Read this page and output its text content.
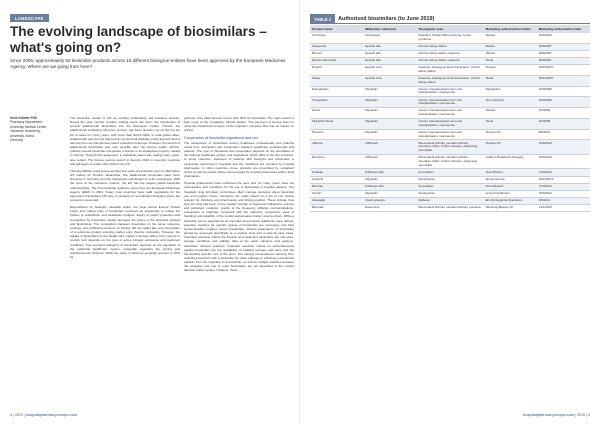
LANDSCAPE
The evolving landscape of biosimilars – what's going on?
Since 2006, approximately 60 biosimilar products across 15 different biological entities have been approved by the European Medicines Agency. Where are we going from here?
Irene Krämer PhD
Pharmacy Department,
University Medical Center,
Johannes Gutenberg-
University, Mainz,
Germany

The biosimilar market is still an exciting undertaking and business venture. During the past months, another striking event has been the introduction of several adalimumab biosimilars into the European market. Humira, the adalimumab containing reference product, has been number one on the top ten list of sales for many years, with more than $19.9 billion in total global sales. Adalimumab was the first fully human monoclonal antibody (mAb) licensed and is also the first one that will lose patent protection in Europe. However, the launch of adalimumab biosimilars was only possible after the license holder, AbbVie, granted several biosimilar companies a license to its intellectual property related to Humira. Through this agreement, a worldwide patent war, lasting many years, was settled. The license permits launch in Autumn 2018 in most EU countries and will begin no earlier than 2023 in the US.

Thereby AbbVie could secure another five years of exclusivity over its ≈$10 billion US market for Humira. Meanwhile, five adalimumab biosimilars have been launched in Germany and the therapeutic substitution is in the experience. With the price of the reference product, the EU has the largest global biosimilar understanding. The first biosimilar guidance came from the European Medicines Agency (EMA) in 2001. Today most countries have valid regulations for the approval of biosimilars (US only on products of recombinant biologics) where the concept is presented.

Expenditures for biologics, viewable online, are huge across Europe. Patent expiry and market entry of biosimilars represent an opportunity to relieve the burden of substitution and healthcare budgets. Expiry of patent protection and competition by biosimilars usually decrease the prices of the originator product and biosimilars. The competition between biosimilars of the same reference products puts additional pressure on pricing. We are called late entry biosimilars of a reference product entering market entry thereby exclusivity. However, the uptake of biosimilars by the health care market in Europe differs from country to country and depends on the type of active biologic substance and treatment conditions. The economic efficiency of biosimilars depends on the regulation of the individual healthcare system, especially regarding the pricing and reimbursement structure. While the value of discount generally account to 30% for

generics, they often amount to less than 30% for biosimilars. The main reason is high costs of the mandatory clinical studies. The payment of license fees for using the intellectual property of the originator company also has an impact on pricing.

Cooperation of biosimilar regulations and use

The acceptance of biosimilars among healthcare professionals and patients needs time. Interaction and cooperation between healthcare professionals and patients. The type of interaction and cooperation depends on the specialties of the national healthcare system and regulations, which differ in the EU countries. In some countries, treatment of patients with biologics and biosimilars is exclusively performed in hospitals and the medicines are provided by hospital pharmacies. In other countries, these products are prescribed by outpatient clinics as well as private offices and provided by hospital pharmacies and/or local pharmacies.

Hospital pharmacists have embraced the topic and, for many years, have set prerequisites and conditions for the use of biosimilars in hospital patients. The hospitals' drug formulary committees often manage decisions about biosimilar use and product choice. Decisions are made based on a list of con criteria relevant for clinicians and pharmacists and clinical practice. These include: how long the drug had been on the market; number of registered indications; science and published evidence; results of the frequency differing contraindications, precautions or warnings compared with the reference component; ease of handling; and reliability of the market authorisation holder, among others. While a biosimilar can be regarded as an important step forward, additional, more refined, selection matrices for specific groups of biosimilars are necessary and their implementation requires expert knowledge. Various parameters of biosimilars should be assessed specifically at a product level and a case-by-case basis. Important selection criteria for infusion and treatment biosimilars are vial sizes, storage conditions and stability data of the stock solutions and ready-to-administer infusion solutions. Important selection criteria for subcutaneously applied biosimilars are the availability of prefilled syringes and pens and the functionality and the size of the pens. The varying consequences deriving from switching treatment with a biosimilar for naïve patients or switching experienced patients from the originator to a biosimilar, as well as multiple switches between the originator and one or more biosimilars, are not described in the current decision matrix system. However, these

4 | 2019 | hospitalpharmacyeurope.com
TABLE 1	Authorised biosimilars (to June 2019)
Product name	INN/active substance	Therapeutic area	Marketing authorisation holder	Marketing authorisation date
Omnitrope	Somatropin	Dwarfism, Prader-Willi syndrome, Turner syndrome	Sandoz	12/4/2006
Abseamed	Epoetin alfa	Chronic kidney failure	Medice	28/8/2007
Binocrit	Epoetin alfa	Chronic kidney failure, anaemia	Sandoz	28/8/2007
Epoetin alfa Hexal	Epoetin alfa	Chronic kidney failure, anaemia	Hexal	28/8/2007
Retacrit	Epoetin zeta	Anaemia, autologous blood transfusion, chronic kidney failure	Hospira	18/12/2007
Silapo	Epoetin zeta	Anaemia, autologous blood transfusion, chronic kidney failure	Stada	18/12/2007
Ratiograstim	Filgrastim	Cancer, haematopoietic stem cell transplantation, neutropenia	Ratiopharm	15/9/2008
Tevagrastim	Filgrastim	Cancer, haematopoietic stem cell transplantation, neutropenia	Teva Generics	15/9/2008
Zarzio	Filgrastim	Cancer, haematopoietic stem cell transplantation, neutropenia	Sandoz	6/2/2009
Filgrastim Hexal	Filgrastim	Cancer, haematopoietic stem cell transplantation, neutropenia	Hexal	6/2/2009
Nivestim	Filgrastim	Cancer, haematopoietic stem cell transplantation, neutropenia	Hospira UK	8/6/2010
Inflectra	Infliximab	Rheumatoid arthritis, psoriatic arthritis, ulcerative colitis, Crohn's disease, ankylosing spondylitis	Hospira UK	10/9/2013
Remsima	Infliximab	Rheumatoid arthritis, psoriatic arthritis, ulcerative colitis, Crohn's disease, ankylosing spondylitis	Celltrion Healthcare Hungary	10/9/2013
Ovaleap	Follitropin alfa	Anovulation	Teva Pharma	27/9/2013
Grastofil	Filgrastim	Neutropenia	Apotex Europe	18/10/2013
Bemfola	Follitropin alfa	Anovulation	Finox Biotech	27/3/2014
Accofil	Filgrastim	Neutropenia	Accord Healthcare	18/9/2014
Abasaglar	Insulin glargine	Diabetes	Eli Lilly Regional Operations	9/9/2014
Benepali	Etanercept	Rheumatoid arthritis, psoriatic arthritis, psoriasis	Samsung Bioepis UK	14/1/2016
hospitalpharmacyeurope.com | 2019 | 5
